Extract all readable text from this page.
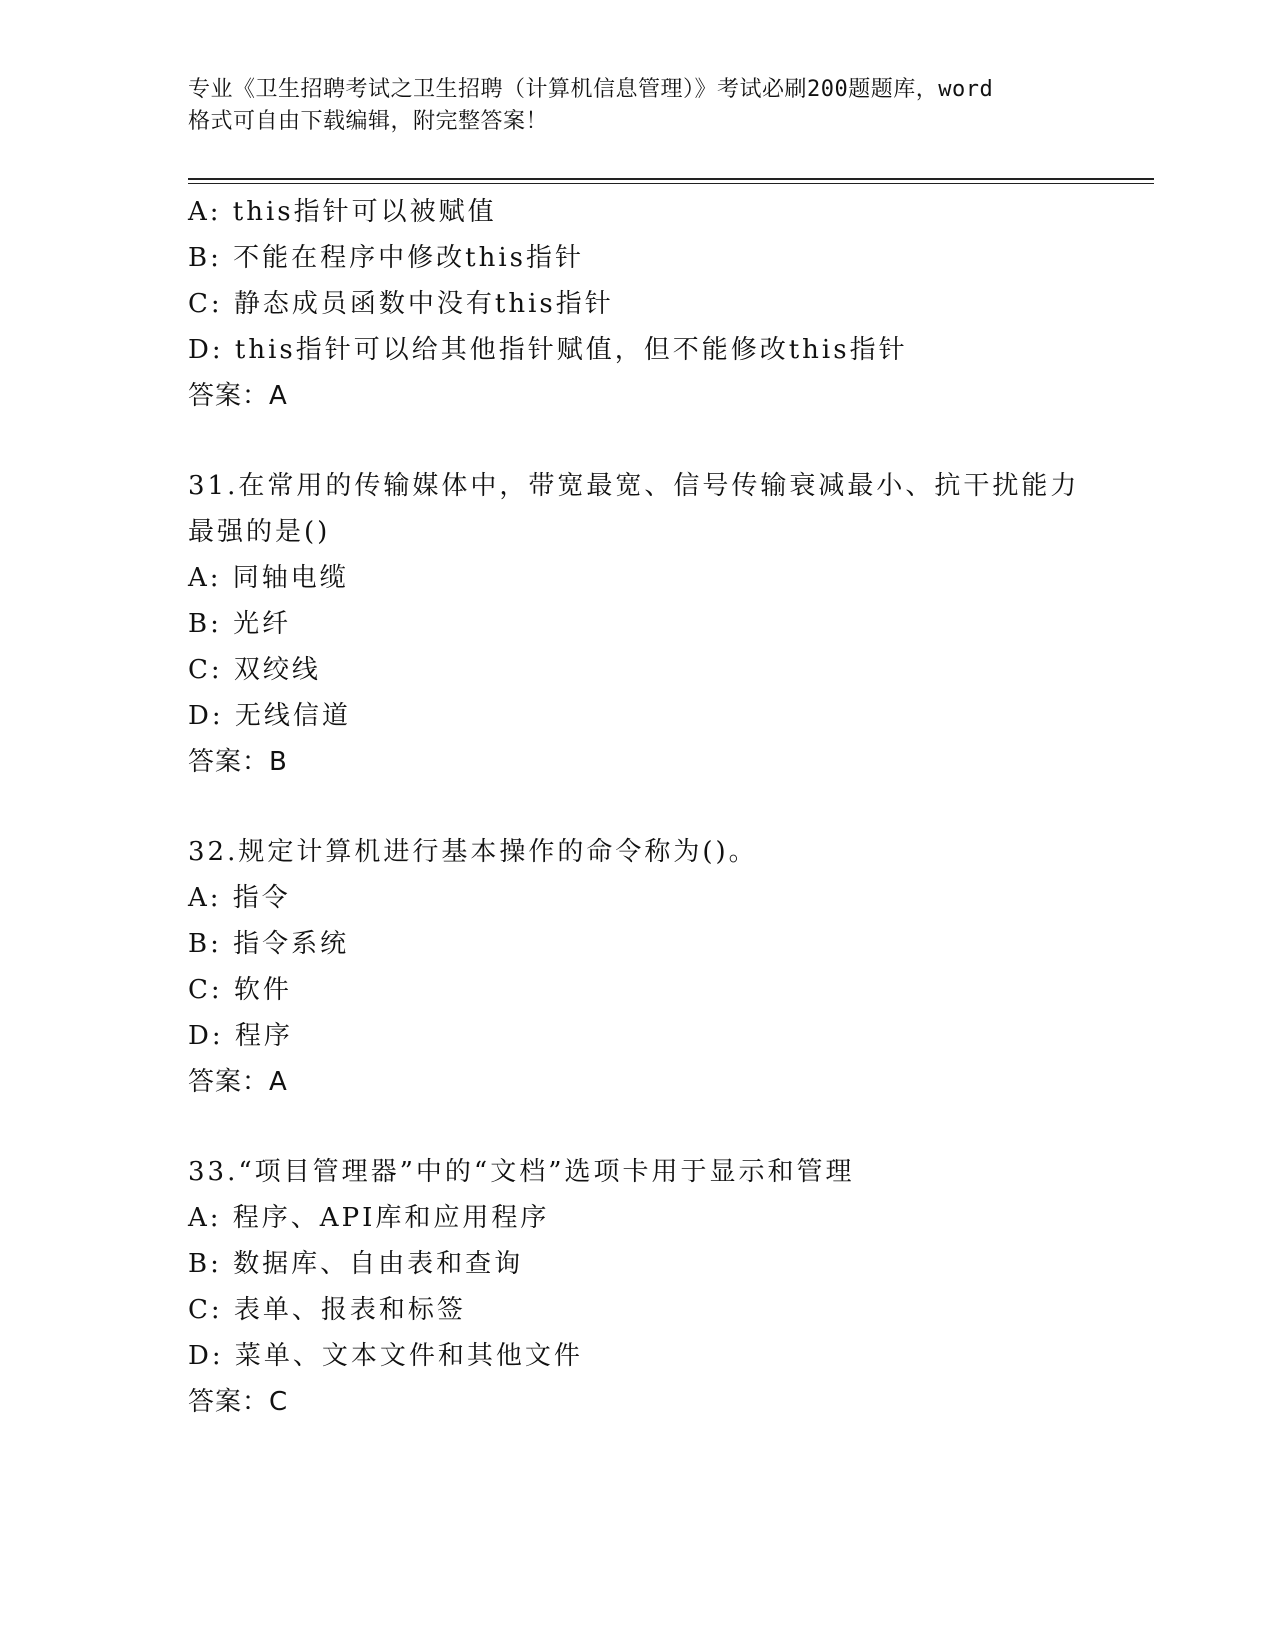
专业《卫生招聘考试之卫生招聘（计算机信息管理）》考试必刷200题题库，word
格式可自由下载编辑，附完整答案！
A: this指针可以被赋值
B: 不能在程序中修改this指针
C: 静态成员函数中没有this指针
D: this指针可以给其他指针赋值，但不能修改this指针
答案：A
31.在常用的传输媒体中，带宽最宽、信号传输衰减最小、抗干扰能力
最强的是()
A: 同轴电缆
B: 光纤
C: 双绞线
D: 无线信道
答案：B
32.规定计算机进行基本操作的命令称为()。
A: 指令
B: 指令系统
C: 软件
D: 程序
答案：A
33.“项目管理器”中的“文档”选项卡用于显示和管理
A: 程序、API库和应用程序
B: 数据库、自由表和查询
C: 表单、报表和标签
D: 菜单、文本文件和其他文件
答案：C
